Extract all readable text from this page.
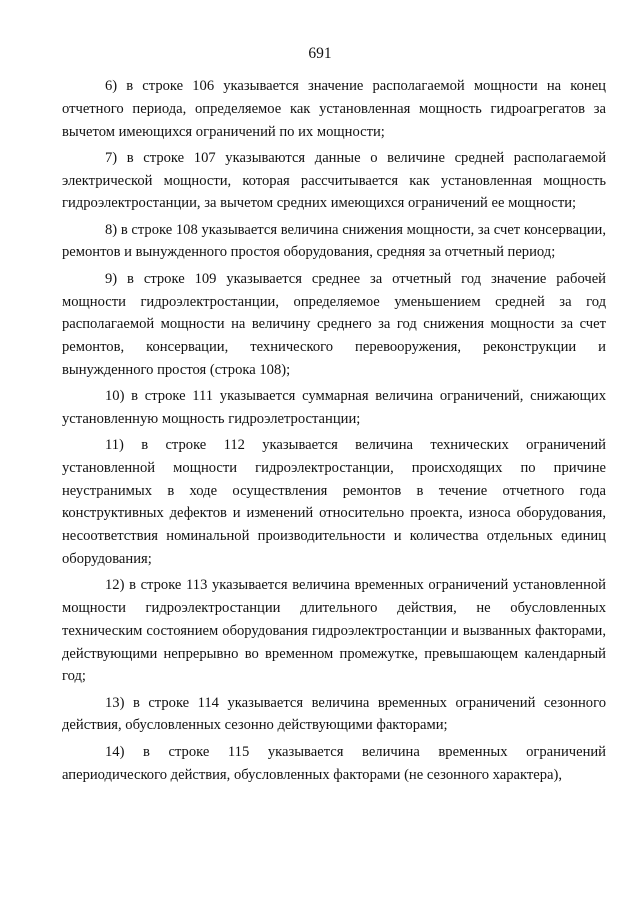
691

6) в строке 106 указывается значение располагаемой мощности на конец отчетного периода, определяемое как установленная мощность гидроагрегатов за вычетом имеющихся ограничений по их мощности;

7) в строке 107 указываются данные о величине средней располагаемой электрической мощности, которая рассчитывается как установленная мощность гидроэлектростанции, за вычетом средних имеющихся ограничений ее мощности;

8) в строке 108 указывается величина снижения мощности, за счет консервации, ремонтов и вынужденного простоя оборудования, средняя за отчетный период;

9) в строке 109 указывается среднее за отчетный год значение рабочей мощности гидроэлектростанции, определяемое уменьшением средней за год располагаемой мощности на величину среднего за год снижения мощности за счет ремонтов, консервации, технического перевооружения, реконструкции и вынужденного простоя (строка 108);

10) в строке 111 указывается суммарная величина ограничений, снижающих установленную мощность гидроэлетростанции;

11) в строке 112 указывается величина технических ограничений установленной мощности гидроэлектростанции, происходящих по причине неустранимых в ходе осуществления ремонтов в течение отчетного года конструктивных дефектов и изменений относительно проекта, износа оборудования, несоответствия номинальной производительности и количества отдельных единиц оборудования;

12) в строке 113 указывается величина временных ограничений установленной мощности гидроэлектростанции длительного действия, не обусловленных техническим состоянием оборудования гидроэлектростанции и вызванных факторами, действующими непрерывно во временном промежутке, превышающем календарный год;

13) в строке 114 указывается величина временных ограничений сезонного действия, обусловленных сезонно действующими факторами;

14) в строке 115 указывается величина временных ограничений апериодического действия, обусловленных факторами (не сезонного характера),
